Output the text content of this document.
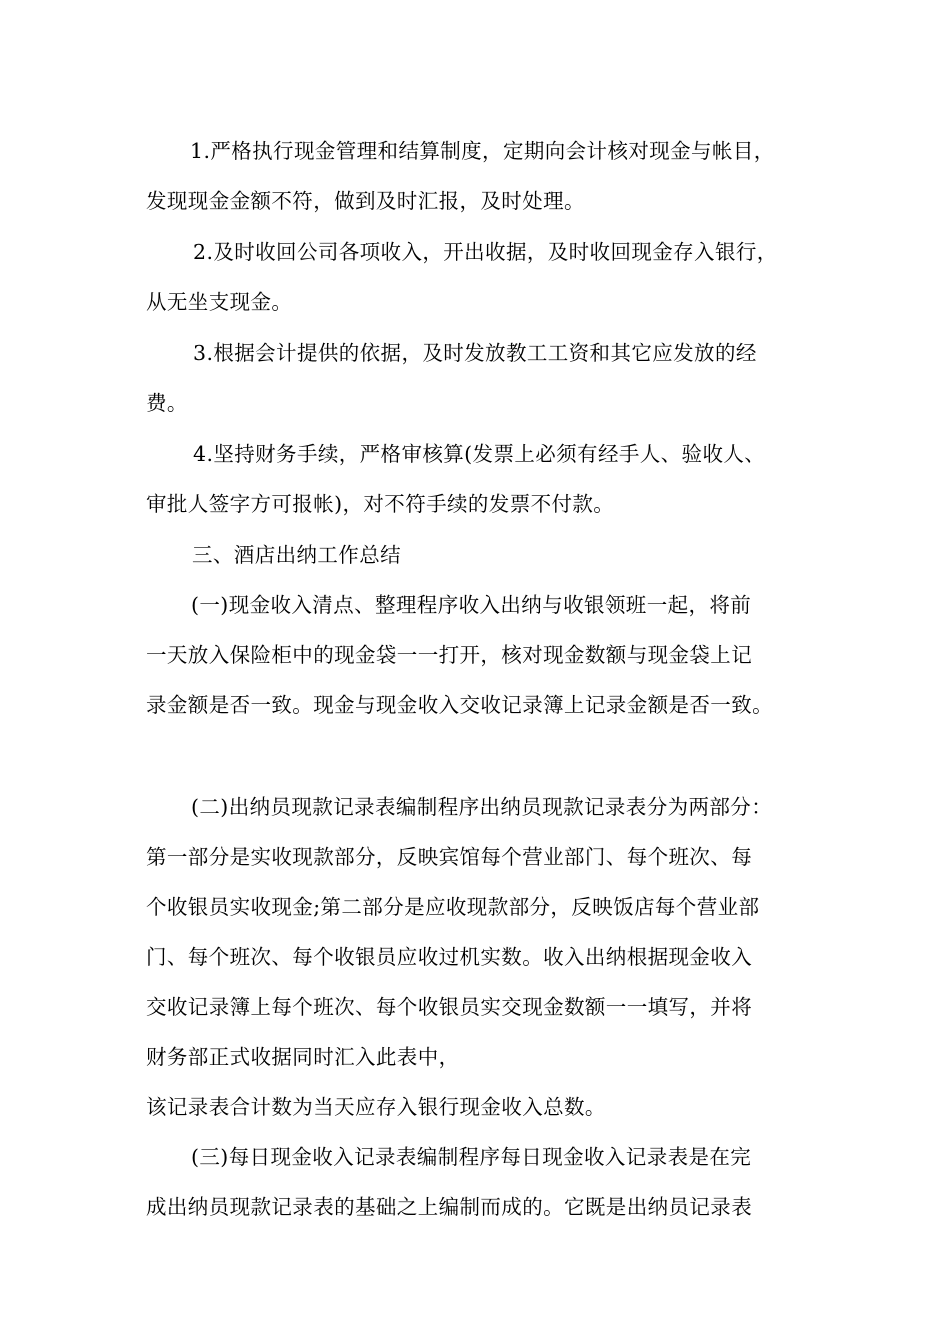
1.严格执行现金管理和结算制度，定期向会计核对现金与帐目，
发现现金金额不符，做到及时汇报，及时处理。
2.及时收回公司各项收入，开出收据，及时收回现金存入银行，
从无坐支现金。
3.根据会计提供的依据，及时发放教工工资和其它应发放的经
费。
4.坚持财务手续，严格审核算(发票上必须有经手人、验收人、
审批人签字方可报帐)，对不符手续的发票不付款。
三、酒店出纳工作总结
(一)现金收入清点、整理程序收入出纳与收银领班一起，将前
一天放入保险柜中的现金袋一一打开，核对现金数额与现金袋上记
录金额是否一致。现金与现金收入交收记录簿上记录金额是否一致。
(二)出纳员现款记录表编制程序出纳员现款记录表分为两部分：
第一部分是实收现款部分，反映宾馆每个营业部门、每个班次、每
个收银员实收现金;第二部分是应收现款部分，反映饭店每个营业部
门、每个班次、每个收银员应收过机实数。收入出纳根据现金收入
交收记录簿上每个班次、每个收银员实交现金数额一一填写，并将
财务部正式收据同时汇入此表中，
该记录表合计数为当天应存入银行现金收入总数。
(三)每日现金收入记录表编制程序每日现金收入记录表是在完
成出纳员现款记录表的基础之上编制而成的。它既是出纳员记录表
